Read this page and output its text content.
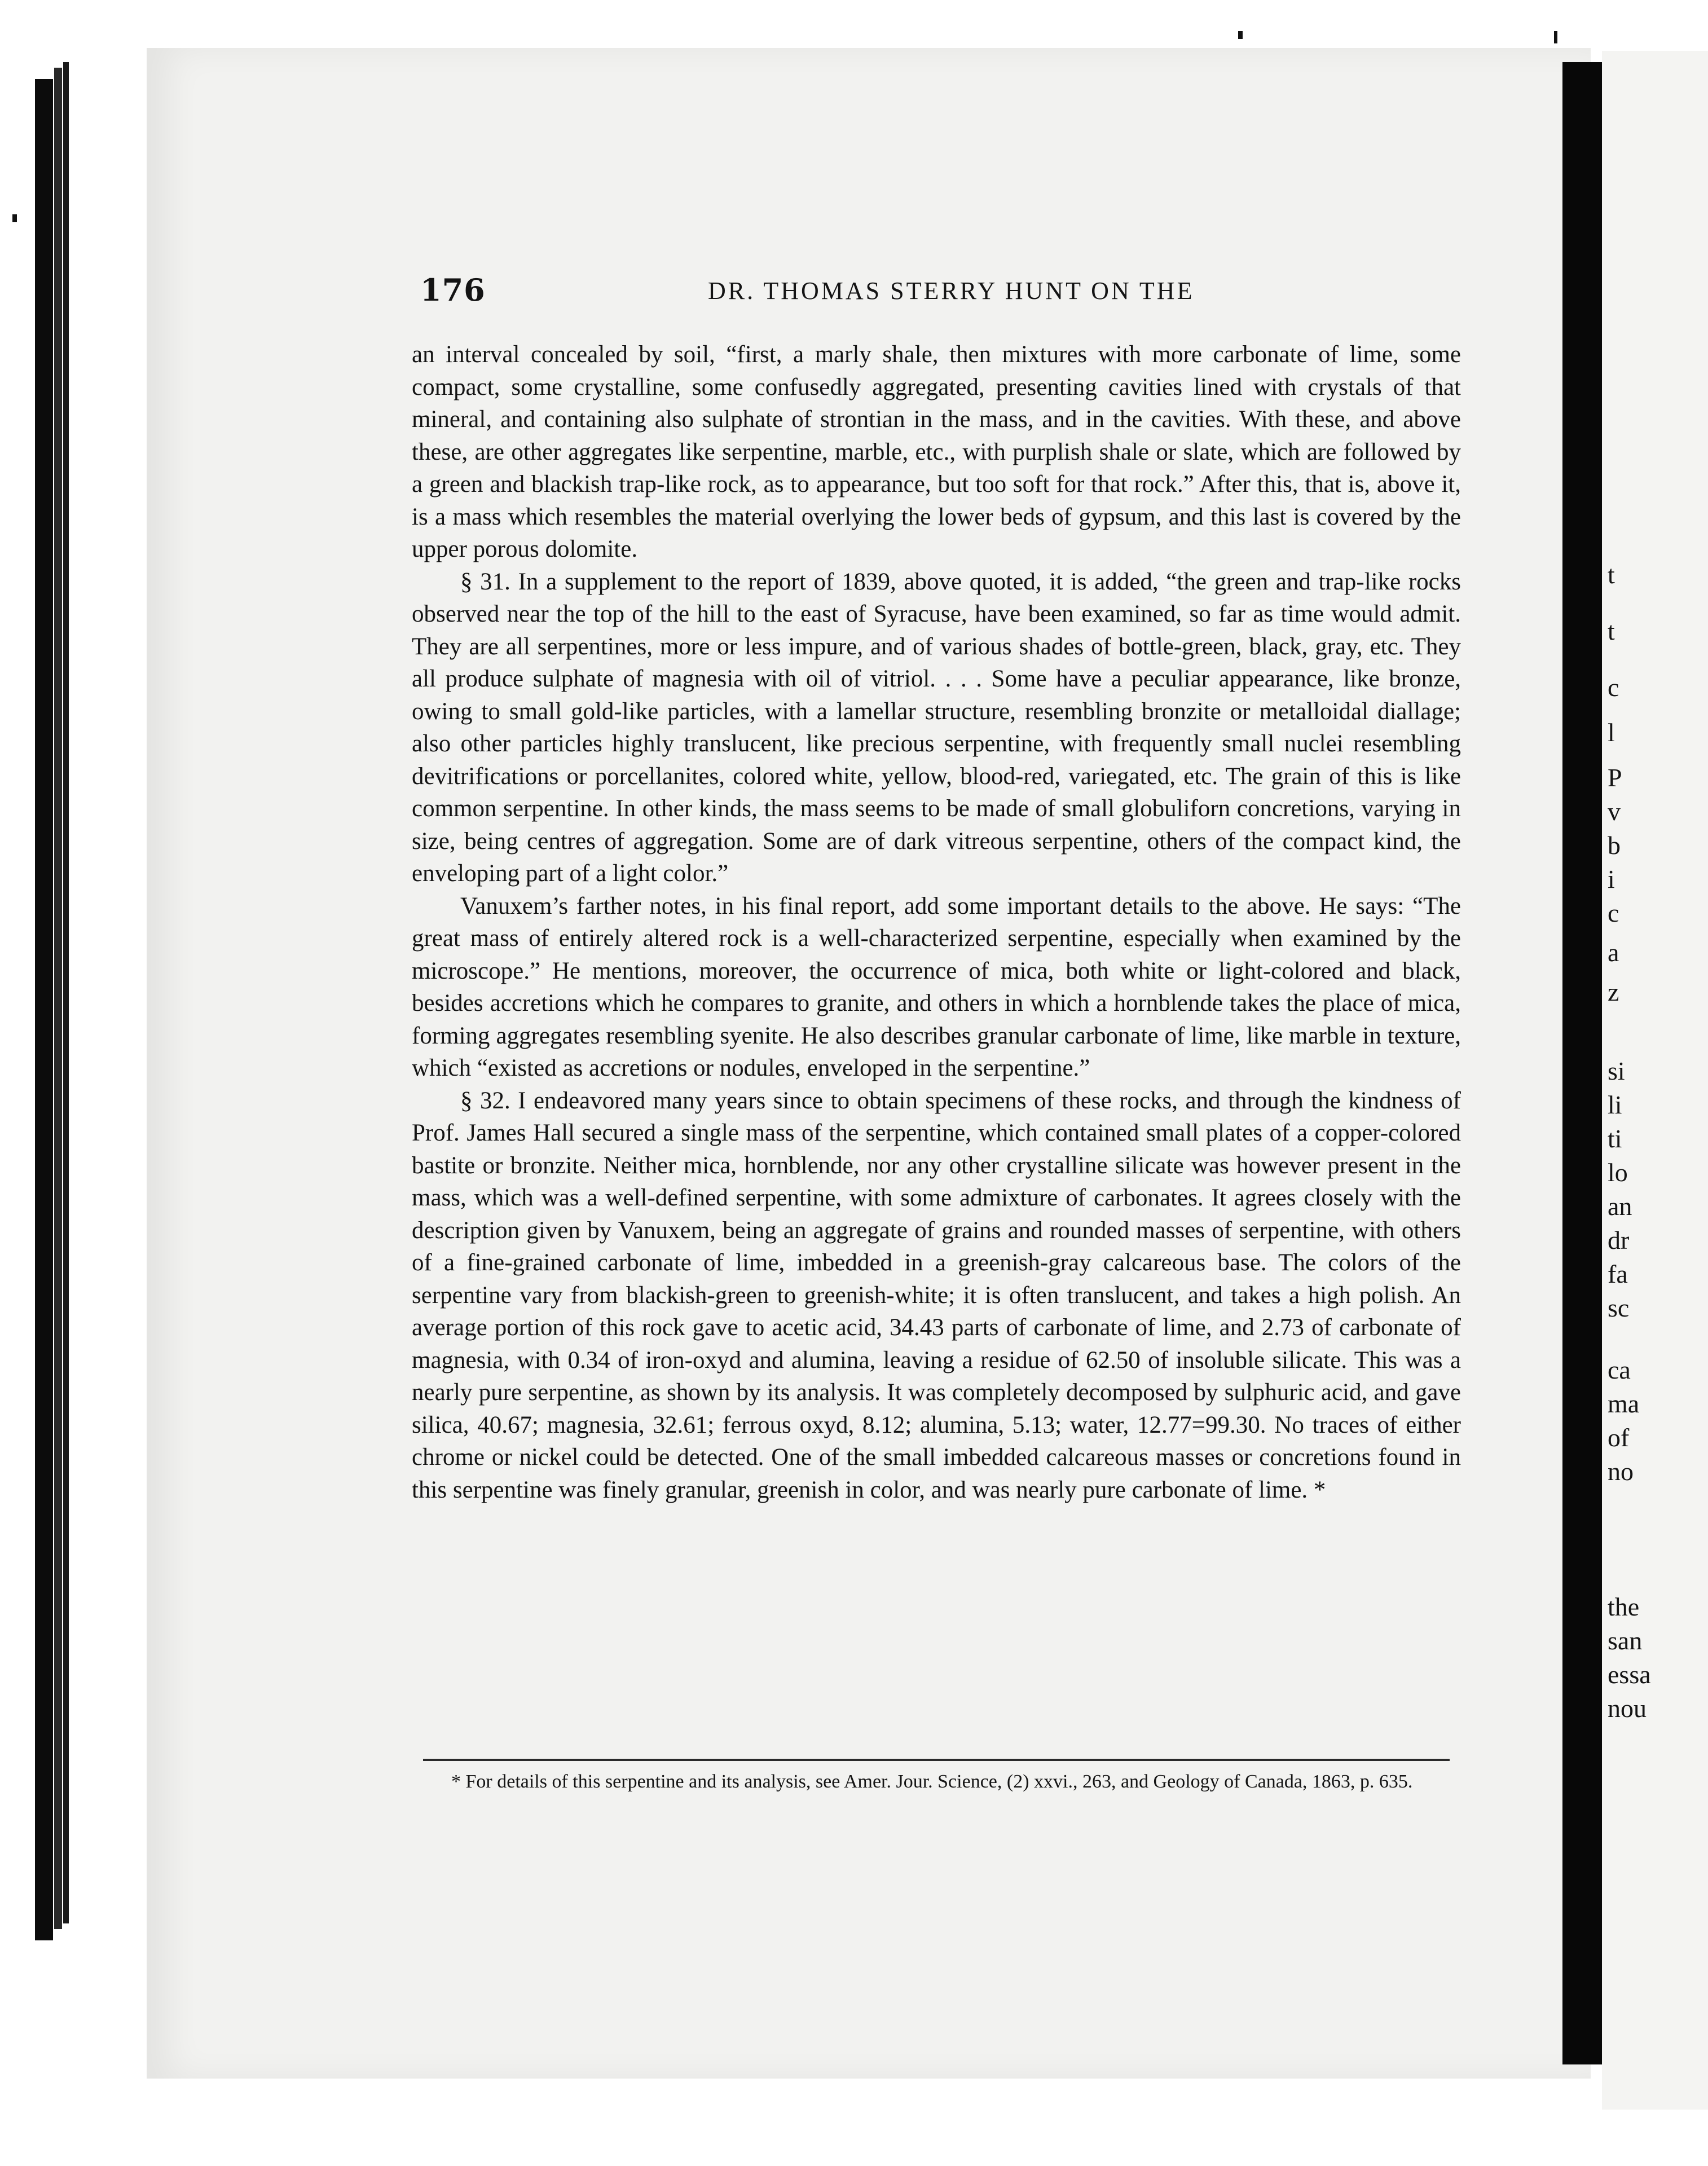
t
t
c
l
P
v
b
i
c
a
z
si
li
ti
lo
an
dr
fa
sc
ca
ma
of
no
the
san
essa
nou
176	DR. THOMAS STERRY HUNT ON THE

an interval concealed by soil, “first, a marly shale, then mixtures with more carbonate of lime, some compact, some crystalline, some confusedly aggregated, presenting cavities lined with crystals of that mineral, and containing also sulphate of strontian in the mass, and in the cavities. With these, and above these, are other aggregates like serpentine, marble, etc., with purplish shale or slate, which are followed by a green and blackish trap-like rock, as to appearance, but too soft for that rock.” After this, that is, above it, is a mass which resembles the material overlying the lower beds of gypsum, and this last is covered by the upper porous dolomite.

§ 31. In a supplement to the report of 1839, above quoted, it is added, “the green and trap-like rocks observed near the top of the hill to the east of Syracuse, have been examined, so far as time would admit. They are all serpentines, more or less impure, and of various shades of bottle-green, black, gray, etc. They all produce sulphate of magnesia with oil of vitriol. . . . Some have a peculiar appearance, like bronze, owing to small gold-like particles, with a lamellar structure, resembling bronzite or metalloidal diallage; also other particles highly translucent, like precious serpentine, with frequently small nuclei resembling devitrifications or porcellanites, colored white, yellow, blood-red, variegated, etc. The grain of this is like common serpentine. In other kinds, the mass seems to be made of small globuliforn concretions, varying in size, being centres of aggregation. Some are of dark vitreous serpentine, others of the compact kind, the enveloping part of a light color.”

Vanuxem’s farther notes, in his final report, add some important details to the above. He says: “The great mass of entirely altered rock is a well-characterized serpentine, especially when examined by the microscope.” He mentions, moreover, the occurrence of mica, both white or light-colored and black, besides accretions which he compares to granite, and others in which a hornblende takes the place of mica, forming aggregates resembling syenite. He also describes granular carbonate of lime, like marble in texture, which “existed as accretions or nodules, enveloped in the serpentine.”

§ 32. I endeavored many years since to obtain specimens of these rocks, and through the kindness of Prof. James Hall secured a single mass of the serpentine, which contained small plates of a copper-colored bastite or bronzite. Neither mica, hornblende, nor any other crystalline silicate was however present in the mass, which was a well-defined serpentine, with some admixture of carbonates. It agrees closely with the description given by Vanuxem, being an aggregate of grains and rounded masses of serpentine, with others of a fine-grained carbonate of lime, imbedded in a greenish-gray calcareous base. The colors of the serpentine vary from blackish-green to greenish-white; it is often translucent, and takes a high polish. An average portion of this rock gave to acetic acid, 34.43 parts of carbonate of lime, and 2.73 of carbonate of magnesia, with 0.34 of iron-oxyd and alumina, leaving a residue of 62.50 of insoluble silicate. This was a nearly pure serpentine, as shown by its analysis. It was completely decomposed by sulphuric acid, and gave silica, 40.67; magnesia, 32.61; ferrous oxyd, 8.12; alumina, 5.13; water, 12.77=99.30. No traces of either chrome or nickel could be detected. One of the small imbedded calcareous masses or concretions found in this serpentine was finely granular, greenish in color, and was nearly pure carbonate of lime. *

* For details of this serpentine and its analysis, see Amer. Jour. Science, (2) xxvi., 263, and Geology of Canada, 1863, p. 635.
